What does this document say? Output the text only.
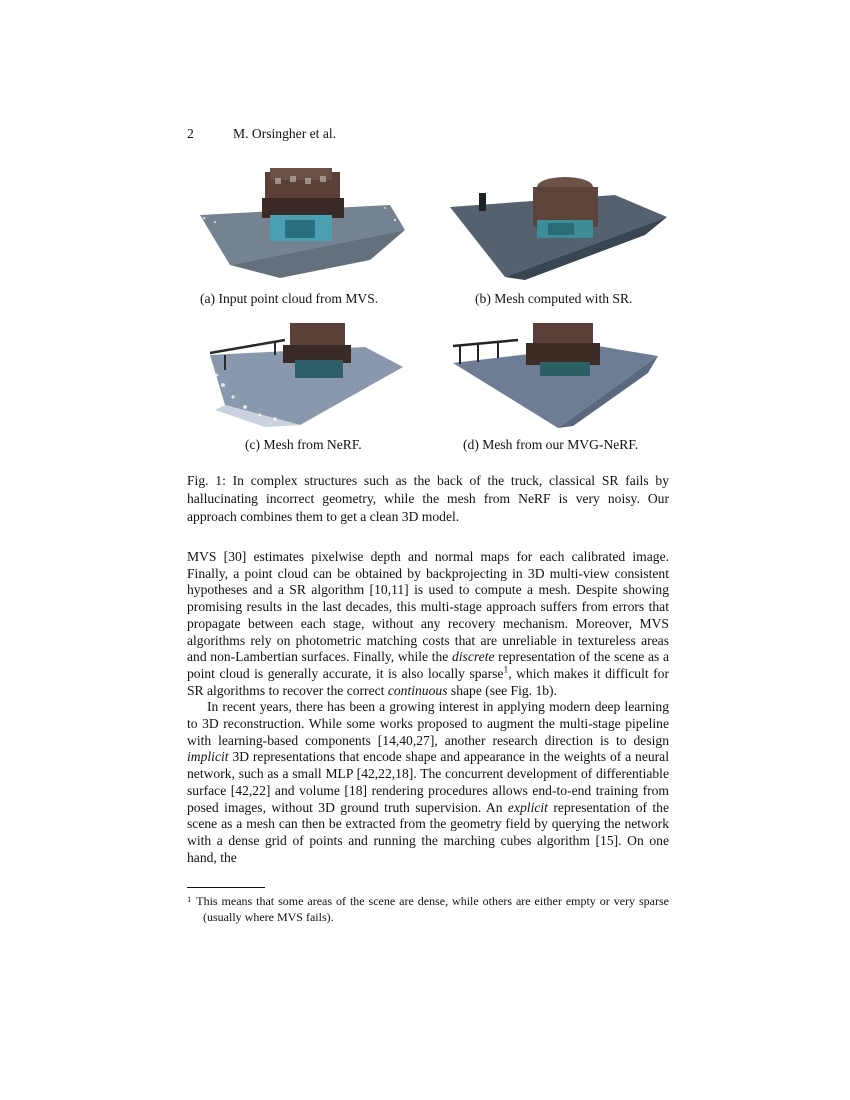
2	M. Orsingher et al.
(a) Input point cloud from MVS.	(b) Mesh computed with SR.
(c) Mesh from NeRF.	(d) Mesh from our MVG-NeRF.
Fig. 1: In complex structures such as the back of the truck, classical SR fails by hallucinating incorrect geometry, while the mesh from NeRF is very noisy. Our approach combines them to get a clean 3D model.

MVS [30] estimates pixelwise depth and normal maps for each calibrated image. Finally, a point cloud can be obtained by backprojecting in 3D multi-view consistent hypotheses and a SR algorithm [10,11] is used to compute a mesh. Despite showing promising results in the last decades, this multi-stage approach suffers from errors that propagate between each stage, without any recovery mechanism. Moreover, MVS algorithms rely on photometric matching costs that are unreliable in textureless areas and non-Lambertian surfaces. Finally, while the discrete representation of the scene as a point cloud is generally accurate, it is also locally sparse$^1$, which makes it difficult for SR algorithms to recover the correct continuous shape (see Fig. 1b).

In recent years, there has been a growing interest in applying modern deep learning to 3D reconstruction. While some works proposed to augment the multi-stage pipeline with learning-based components [14,40,27], another research direction is to design implicit 3D representations that encode shape and appearance in the weights of a neural network, such as a small MLP [42,22,18]. The concurrent development of differentiable surface [42,22] and volume [18] rendering procedures allows end-to-end training from posed images, without 3D ground truth supervision. An explicit representation of the scene as a mesh can then be extracted from the geometry field by querying the network with a dense grid of points and running the marching cubes algorithm [15]. On one hand, the

$^1$ This means that some areas of the scene are dense, while others are either empty or very sparse (usually where MVS fails).
